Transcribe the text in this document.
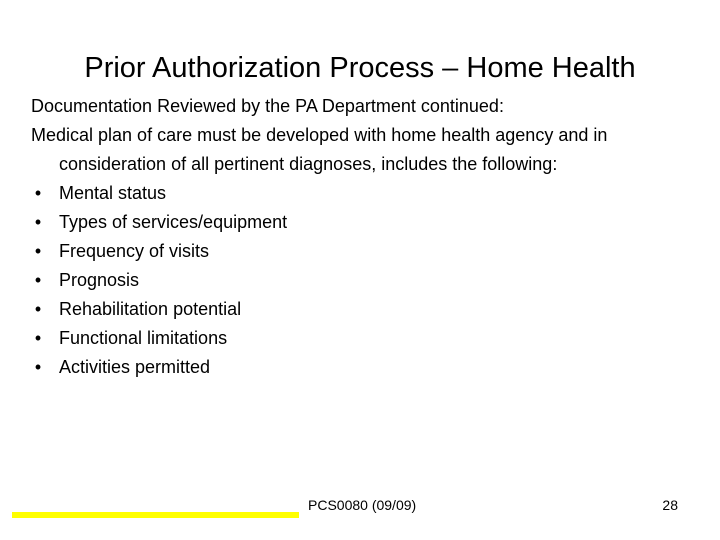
Prior Authorization Process – Home Health

Documentation Reviewed by the PA Department continued:

Medical plan of care must be developed with home health agency and in consideration of all pertinent diagnoses, includes the following:

• Mental status
• Types of services/equipment
• Frequency of visits
• Prognosis
• Rehabilitation potential
• Functional limitations
• Activities permitted
PCS0080 (09/09)	28
